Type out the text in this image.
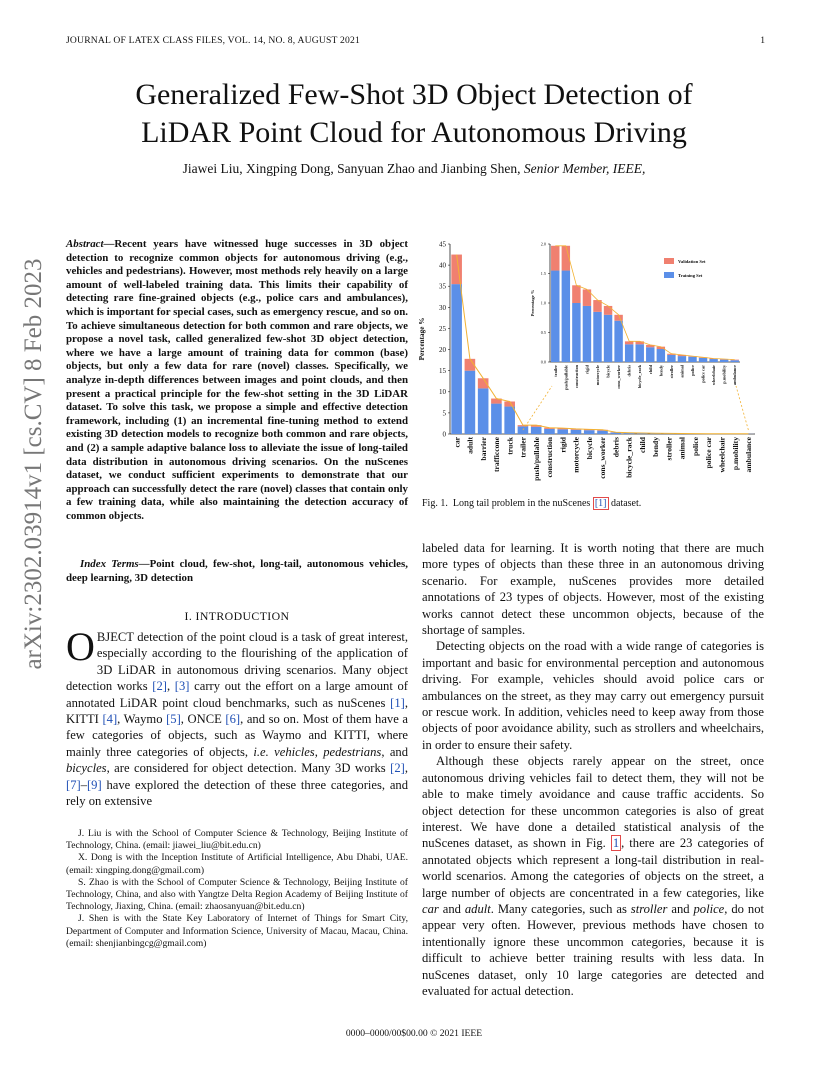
JOURNAL OF LATEX CLASS FILES, VOL. 14, NO. 8, AUGUST 2021	1
Generalized Few-Shot 3D Object Detection of
LiDAR Point Cloud for Autonomous Driving
Jiawei Liu, Xingping Dong, Sanyuan Zhao and Jianbing Shen, Senior Member, IEEE,
arXiv:2302.03914v1 [cs.CV] 8 Feb 2023
Abstract—Recent years have witnessed huge successes in 3D object detection to recognize common objects for autonomous driving (e.g., vehicles and pedestrians). However, most methods rely heavily on a large amount of well-labeled training data. This limits their capability of detecting rare fine-grained objects (e.g., police cars and ambulances), which is important for special cases, such as emergency rescue, and so on. To achieve simultaneous detection for both common and rare objects, we propose a novel task, called generalized few-shot 3D object detection, where we have a large amount of training data for common (base) objects, but only a few data for rare (novel) classes. Specifically, we analyze in-depth differences between images and point clouds, and then present a practical principle for the few-shot setting in the 3D LiDAR dataset. To solve this task, we propose a simple and effective detection framework, including (1) an incremental fine-tuning method to extend existing 3D detection models to recognize both common and rare objects, and (2) a sample adaptive balance loss to alleviate the issue of long-tailed data distribution in autonomous driving scenarios. On the nuScenes dataset, we conduct sufficient experiments to demonstrate that our approach can successfully detect the rare (novel) classes that contain only a few training data, while also maintaining the detection accuracy of common objects.
Index Terms—Point cloud, few-shot, long-tail, autonomous vehicles, deep learning, 3D detection
I. INTRODUCTION
OBJECT detection of the point cloud is a task of great interest, especially according to the flourishing of the application of 3D LiDAR in autonomous driving scenarios. Many object detection works [2], [3] carry out the effort on a large amount of annotated LiDAR point cloud benchmarks, such as nuScenes [1], KITTI [4], Waymo [5], ONCE [6], and so on. Most of them have a few categories of objects, such as Waymo and KITTI, where mainly three categories of objects, i.e. vehicles, pedestrians, and bicycles, are considered for object detection. Many 3D works [2], [7]–[9] have explored the detection of these three categories, and rely on extensive

J. Liu is with the School of Computer Science & Technology, Beijing Institute of Technology, China. (email: jiawei_liu@bit.edu.cn)

X. Dong is with the Inception Institute of Artificial Intelligence, Abu Dhabi, UAE. (email: xingping.dong@gmail.com)

S. Zhao is with the School of Computer Science & Technology, Beijing Institute of Technology, China, and also with Yangtze Delta Region Academy of Beijing Institute of Technology, Jiaxing, China. (email: zhaosanyuan@bit.edu.cn)

J. Shen is with the State Key Laboratory of Internet of Things for Smart City, Department of Computer and Information Science, University of Macau, Macau, China. (email: shenjianbingcg@gmail.com)

0
5
10
15
20
25
30
35
40
45
Percentage %
car adult barrier trafficcone truck trailer push/pullable construction rigid motorcycle bicycle cons_worker debris bicycle_rack child bendy stroller animal police police car wheelchair p.mobility ambulance
0.0
0.5
1.0
1.5
2.0
Percentage %
trailer push/pullable construction rigid motorcycle bicycle cons_worker debris bicycle_rack child bendy stroller animal police police car wheelchair p.mobility ambulance
Validation Set
Training Set
Fig. 1. Long tail problem in the nuScenes [1] dataset.

labeled data for learning. It is worth noting that there are much more types of objects than these three in an autonomous driving scenario. For example, nuScenes provides more detailed annotations of 23 types of objects. However, most of the existing works cannot detect these uncommon objects, because of the shortage of samples.

Detecting objects on the road with a wide range of categories is important and basic for environmental perception and autonomous driving. For example, vehicles should avoid police cars or ambulances on the street, as they may carry out emergency pursuit or rescue work. In addition, vehicles need to keep away from those objects of poor avoidance ability, such as strollers and wheelchairs, in order to ensure their safety.

Although these objects rarely appear on the street, once autonomous driving vehicles fail to detect them, they will not be able to make timely avoidance and cause traffic accidents. So object detection for these uncommon categories is also of great interest. We have done a detailed statistical analysis of the nuScenes dataset, as shown in Fig. 1 , there are 23 categories of annotated objects which represent a long-tail distribution in real-world scenarios. Among the categories of objects on the street, a large number of objects are concentrated in a few categories, like car and adult. Many categories, such as stroller and police, do not appear very often. However, previous methods have chosen to intentionally ignore these uncommon categories, because it is difficult to achieve better training results with less data. In nuScenes dataset, only 10 large categories are detected and evaluated for actual detection.

0000–0000/00$00.00 © 2021 IEEE
